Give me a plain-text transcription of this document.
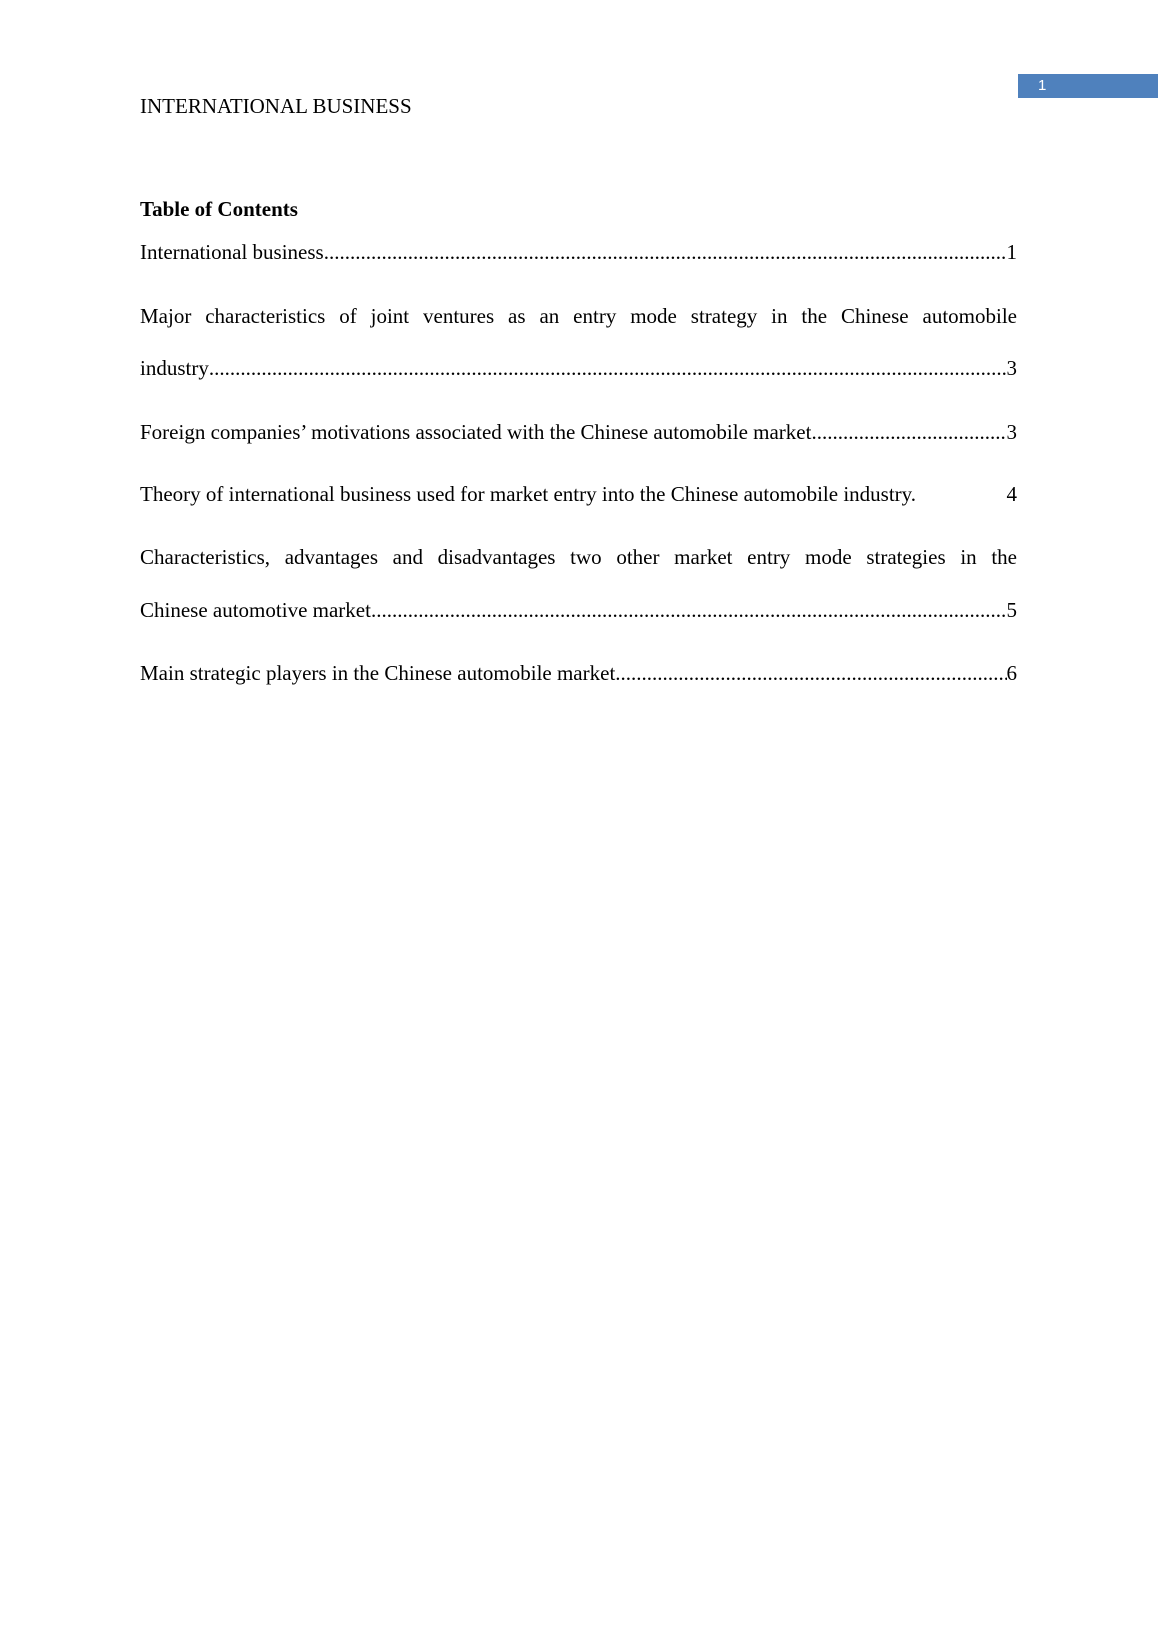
1
INTERNATIONAL BUSINESS
Table of Contents
International business .....	1
Major characteristics of joint ventures as an entry mode strategy in the Chinese automobile
industry .....	3
Foreign companies’ motivations associated with the Chinese automobile market .....	3
Theory of international business used for market entry into the Chinese automobile industry.	4
Characteristics, advantages and disadvantages two other market entry mode strategies in the
Chinese automotive market .....	5
Main strategic players in the Chinese automobile market .....	6
